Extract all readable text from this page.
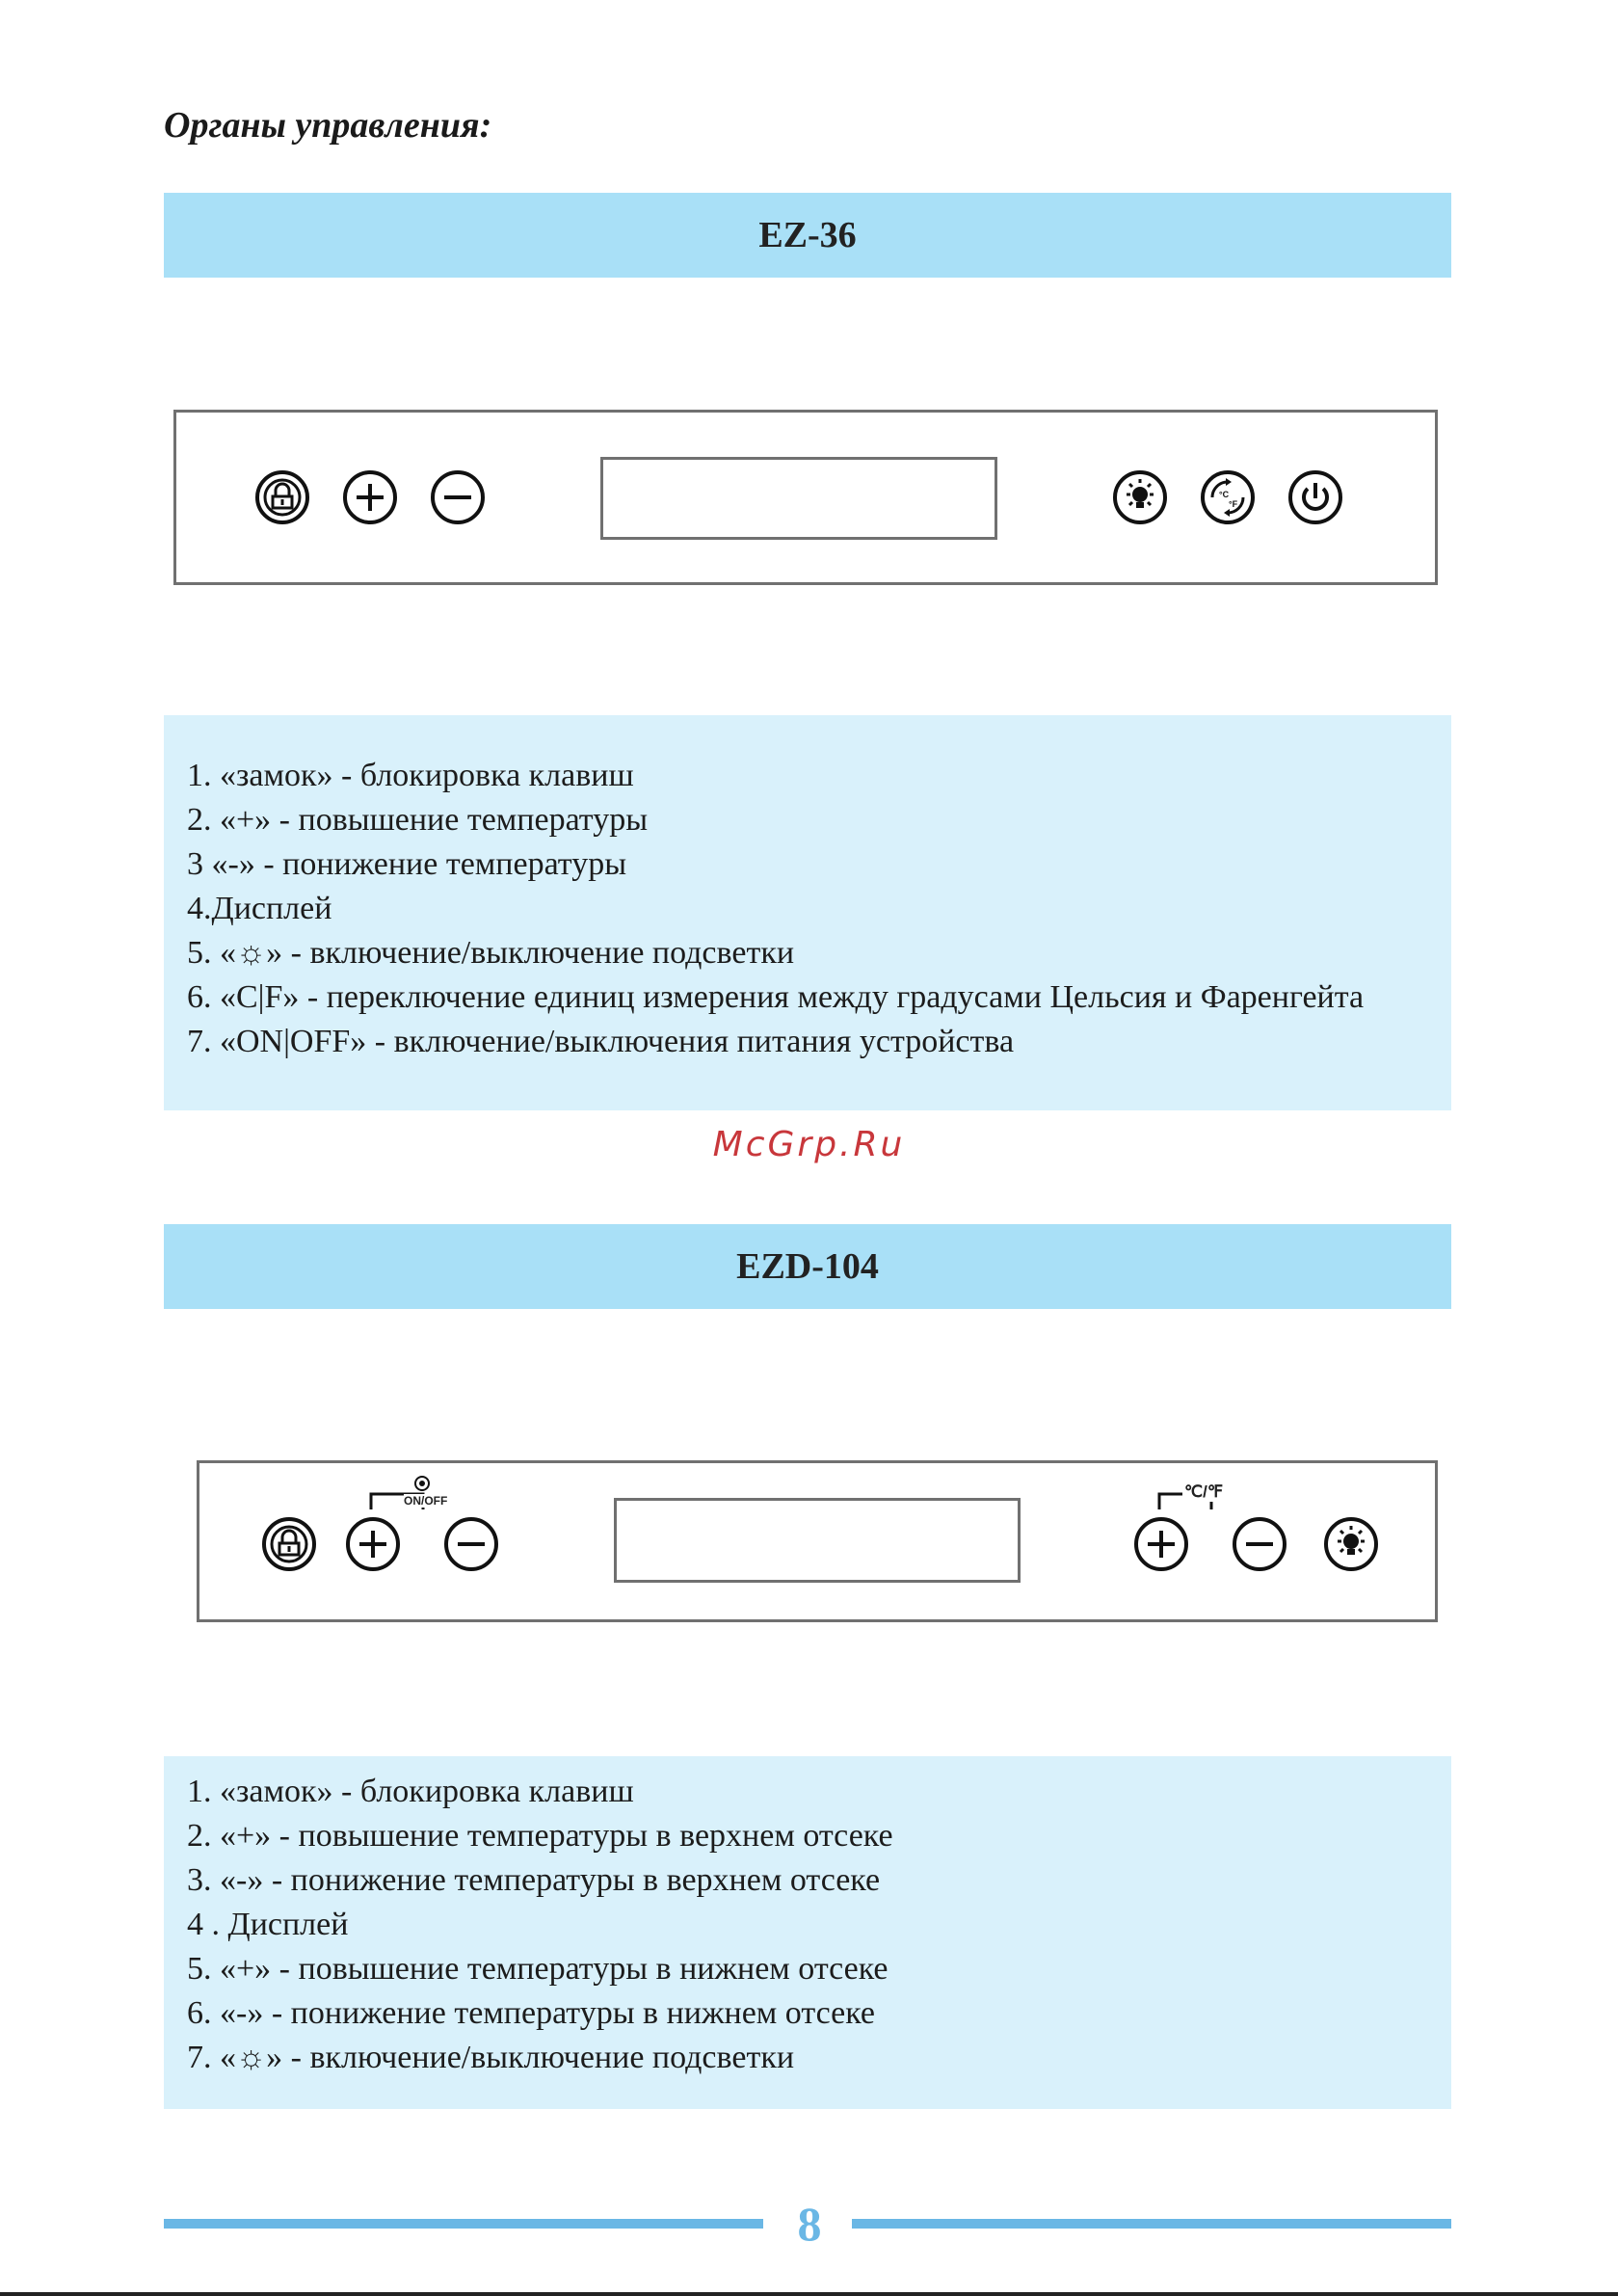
Органы управления:
EZ-36
°C
°F
1. «замок» - блокировка клавиш
2. «+» - повышение температуры
3 «-» - понижение температуры
4.Дисплей
5. «☼» - включение/выключение подсветки
6. «С|F» - переключение единиц измерения между градусами Цельсия и Фаренгейта
7. «ON|OFF» - включение/выключения питания устройства
McGrp.Ru
EZD-104
ON/OFF	℃/℉
1. «замок» - блокировка клавиш
2. «+» - повышение температуры в верхнем отсеке
3. «-» - понижение температуры в верхнем отсеке
4 . Дисплей
5. «+» - повышение температуры в нижнем отсеке
6. «-» - понижение температуры в нижнем отсеке
7. «☼» - включение/выключение подсветки
8
